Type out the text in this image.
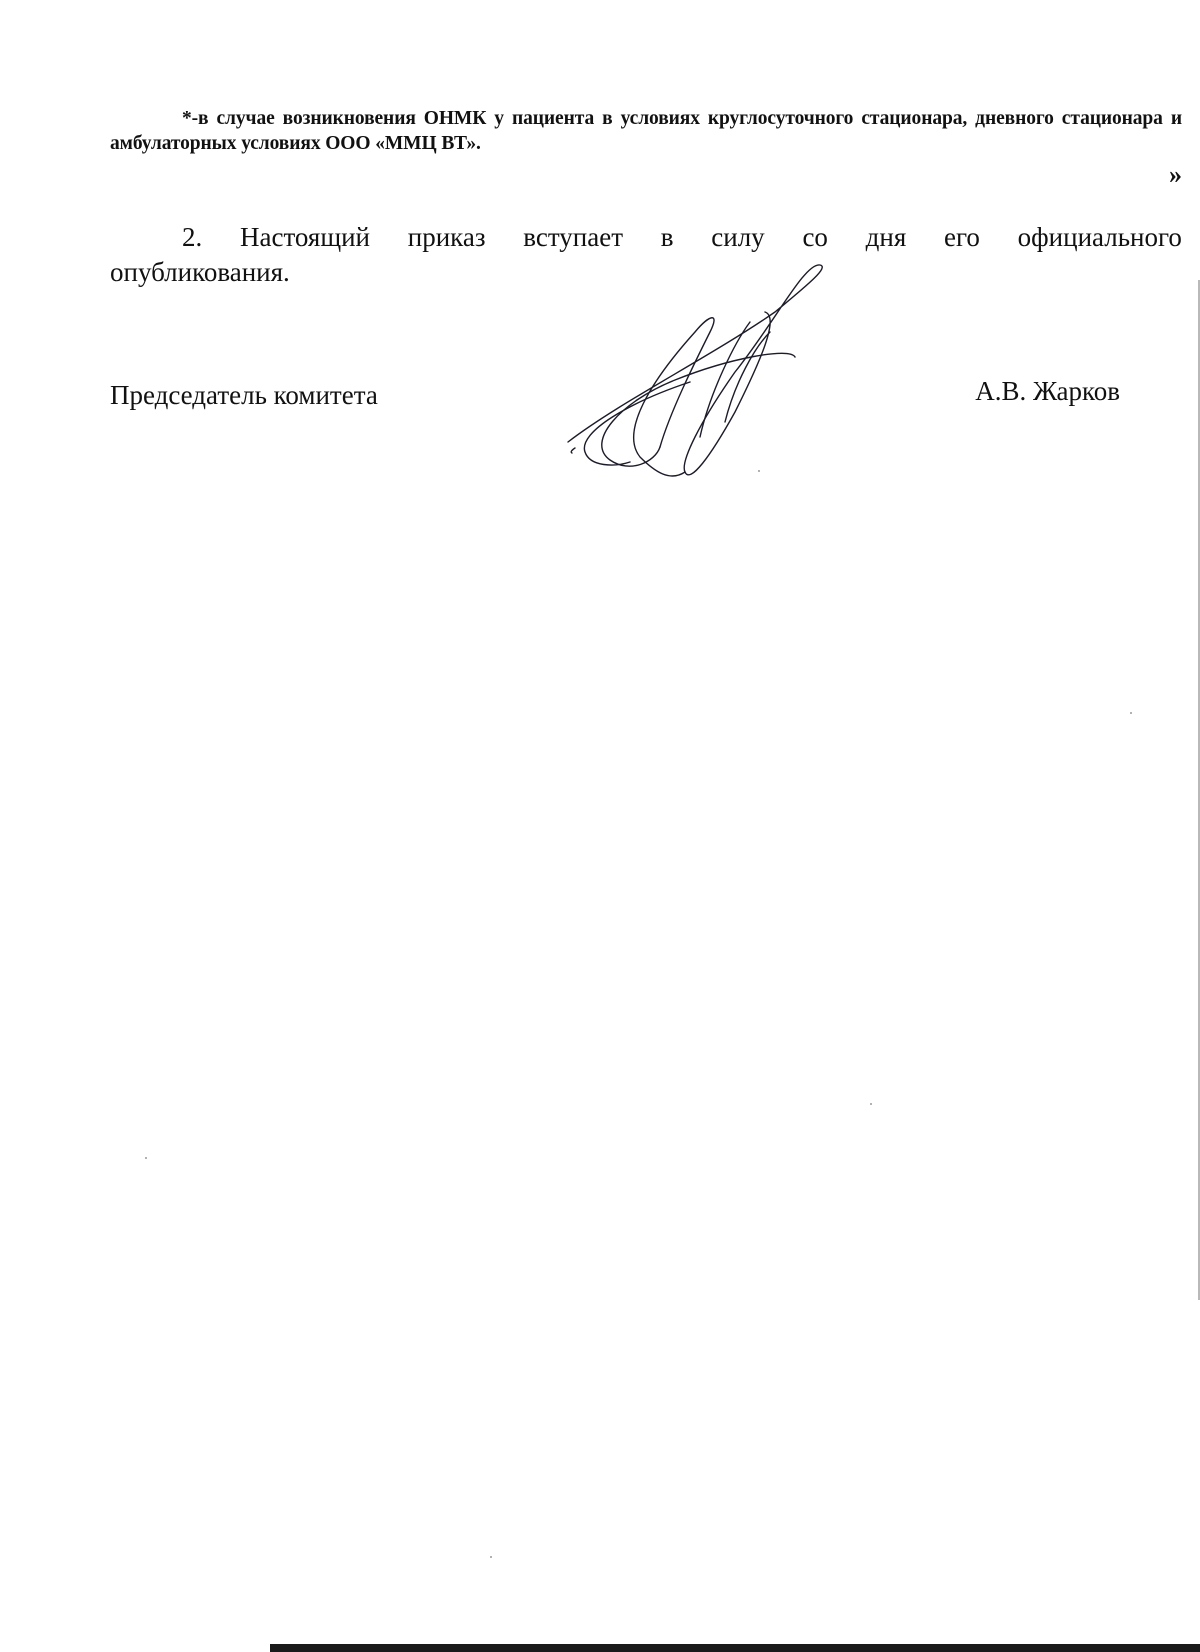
*-в случае возникновения ОНМК у пациента в условиях круглосуточного стационара, дневного стационара и амбулаторных условиях ООО «ММЦ ВТ».

»

2. Настоящий приказ вступает в силу со дня его официального
опубликования.

Председатель комитета	А.В. Жарков
